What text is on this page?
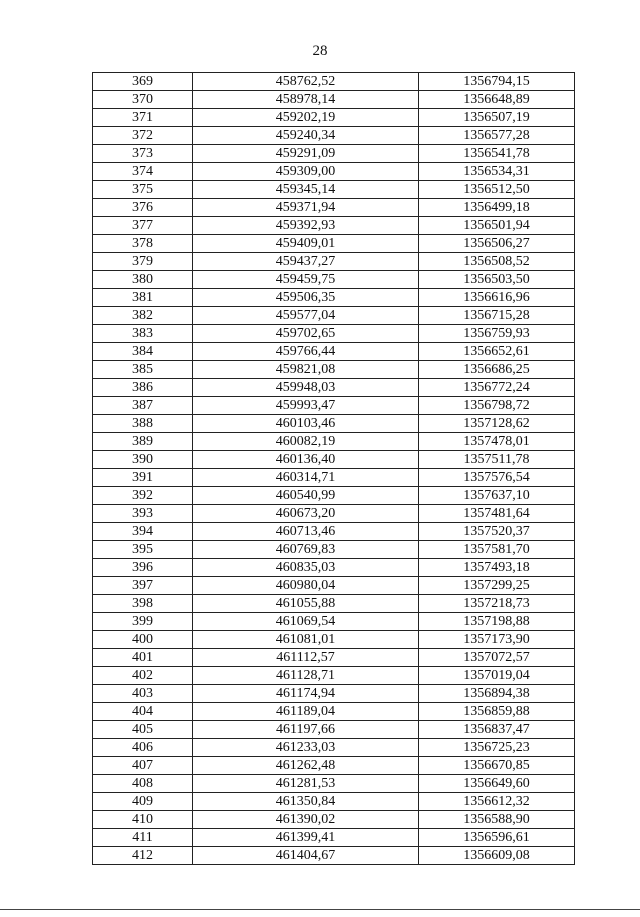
28
369	458762,52	1356794,15
370	458978,14	1356648,89
371	459202,19	1356507,19
372	459240,34	1356577,28
373	459291,09	1356541,78
374	459309,00	1356534,31
375	459345,14	1356512,50
376	459371,94	1356499,18
377	459392,93	1356501,94
378	459409,01	1356506,27
379	459437,27	1356508,52
380	459459,75	1356503,50
381	459506,35	1356616,96
382	459577,04	1356715,28
383	459702,65	1356759,93
384	459766,44	1356652,61
385	459821,08	1356686,25
386	459948,03	1356772,24
387	459993,47	1356798,72
388	460103,46	1357128,62
389	460082,19	1357478,01
390	460136,40	1357511,78
391	460314,71	1357576,54
392	460540,99	1357637,10
393	460673,20	1357481,64
394	460713,46	1357520,37
395	460769,83	1357581,70
396	460835,03	1357493,18
397	460980,04	1357299,25
398	461055,88	1357218,73
399	461069,54	1357198,88
400	461081,01	1357173,90
401	461112,57	1357072,57
402	461128,71	1357019,04
403	461174,94	1356894,38
404	461189,04	1356859,88
405	461197,66	1356837,47
406	461233,03	1356725,23
407	461262,48	1356670,85
408	461281,53	1356649,60
409	461350,84	1356612,32
410	461390,02	1356588,90
411	461399,41	1356596,61
412	461404,67	1356609,08
